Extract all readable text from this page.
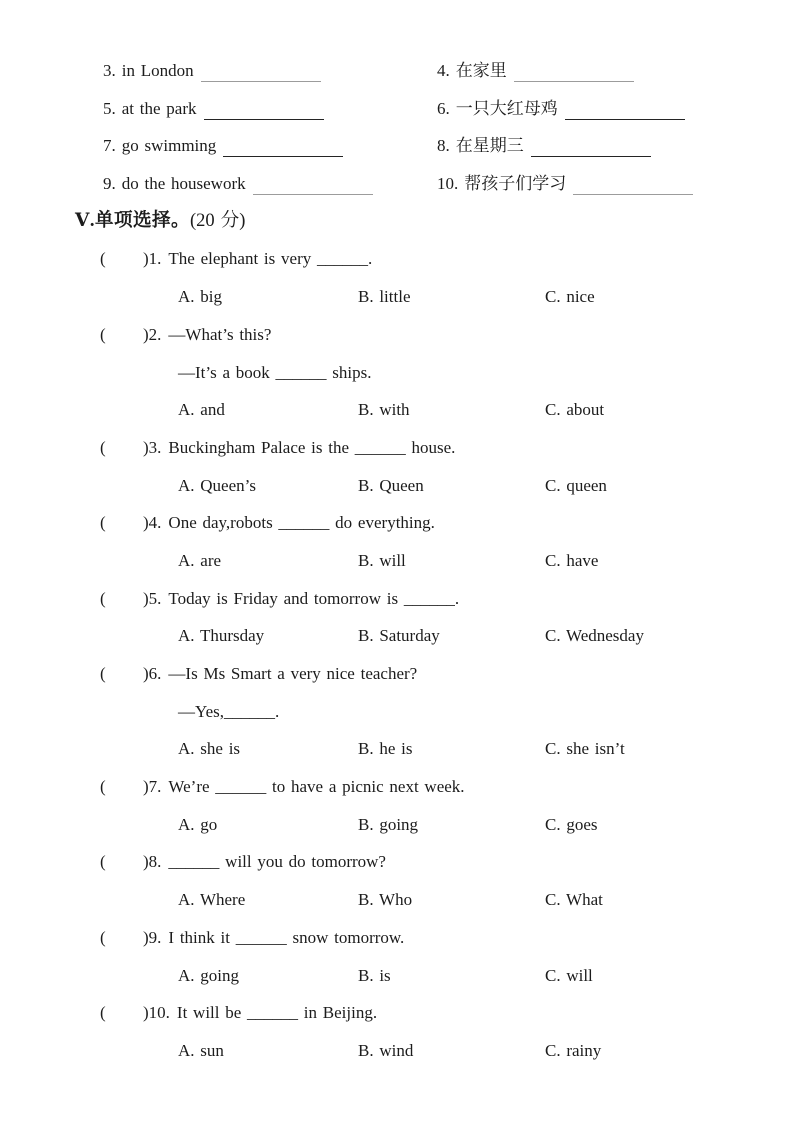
3. in London	4. 在家里
5. at the park	6. 一只大红母鸡
7. go swimming	8. 在星期三
9. do the housework	10. 帮孩子们学习
Ⅴ.单项选择。(20 分)
( )1. The elephant is very ______.
A. big	B. little	C. nice
( )2. —What’s this?
—It’s a book ______ ships.
A. and	B. with	C. about
( )3. Buckingham Palace is the ______ house.
A. Queen’s	B. Queen	C. queen
( )4. One day,robots ______ do everything.
A. are	B. will	C. have
( )5. Today is Friday and tomorrow is ______.
A. Thursday	B. Saturday	C. Wednesday
( )6. —Is Ms Smart a very nice teacher?
—Yes,______.
A. she is	B. he is	C. she isn’t
( )7. We’re ______ to have a picnic next week.
A. go	B. going	C. goes
( )8. ______ will you do tomorrow?
A. Where	B. Who	C. What
( )9. I think it ______ snow tomorrow.
A. going	B. is	C. will
( )10. It will be ______ in Beijing.
A. sun	B. wind	C. rainy
